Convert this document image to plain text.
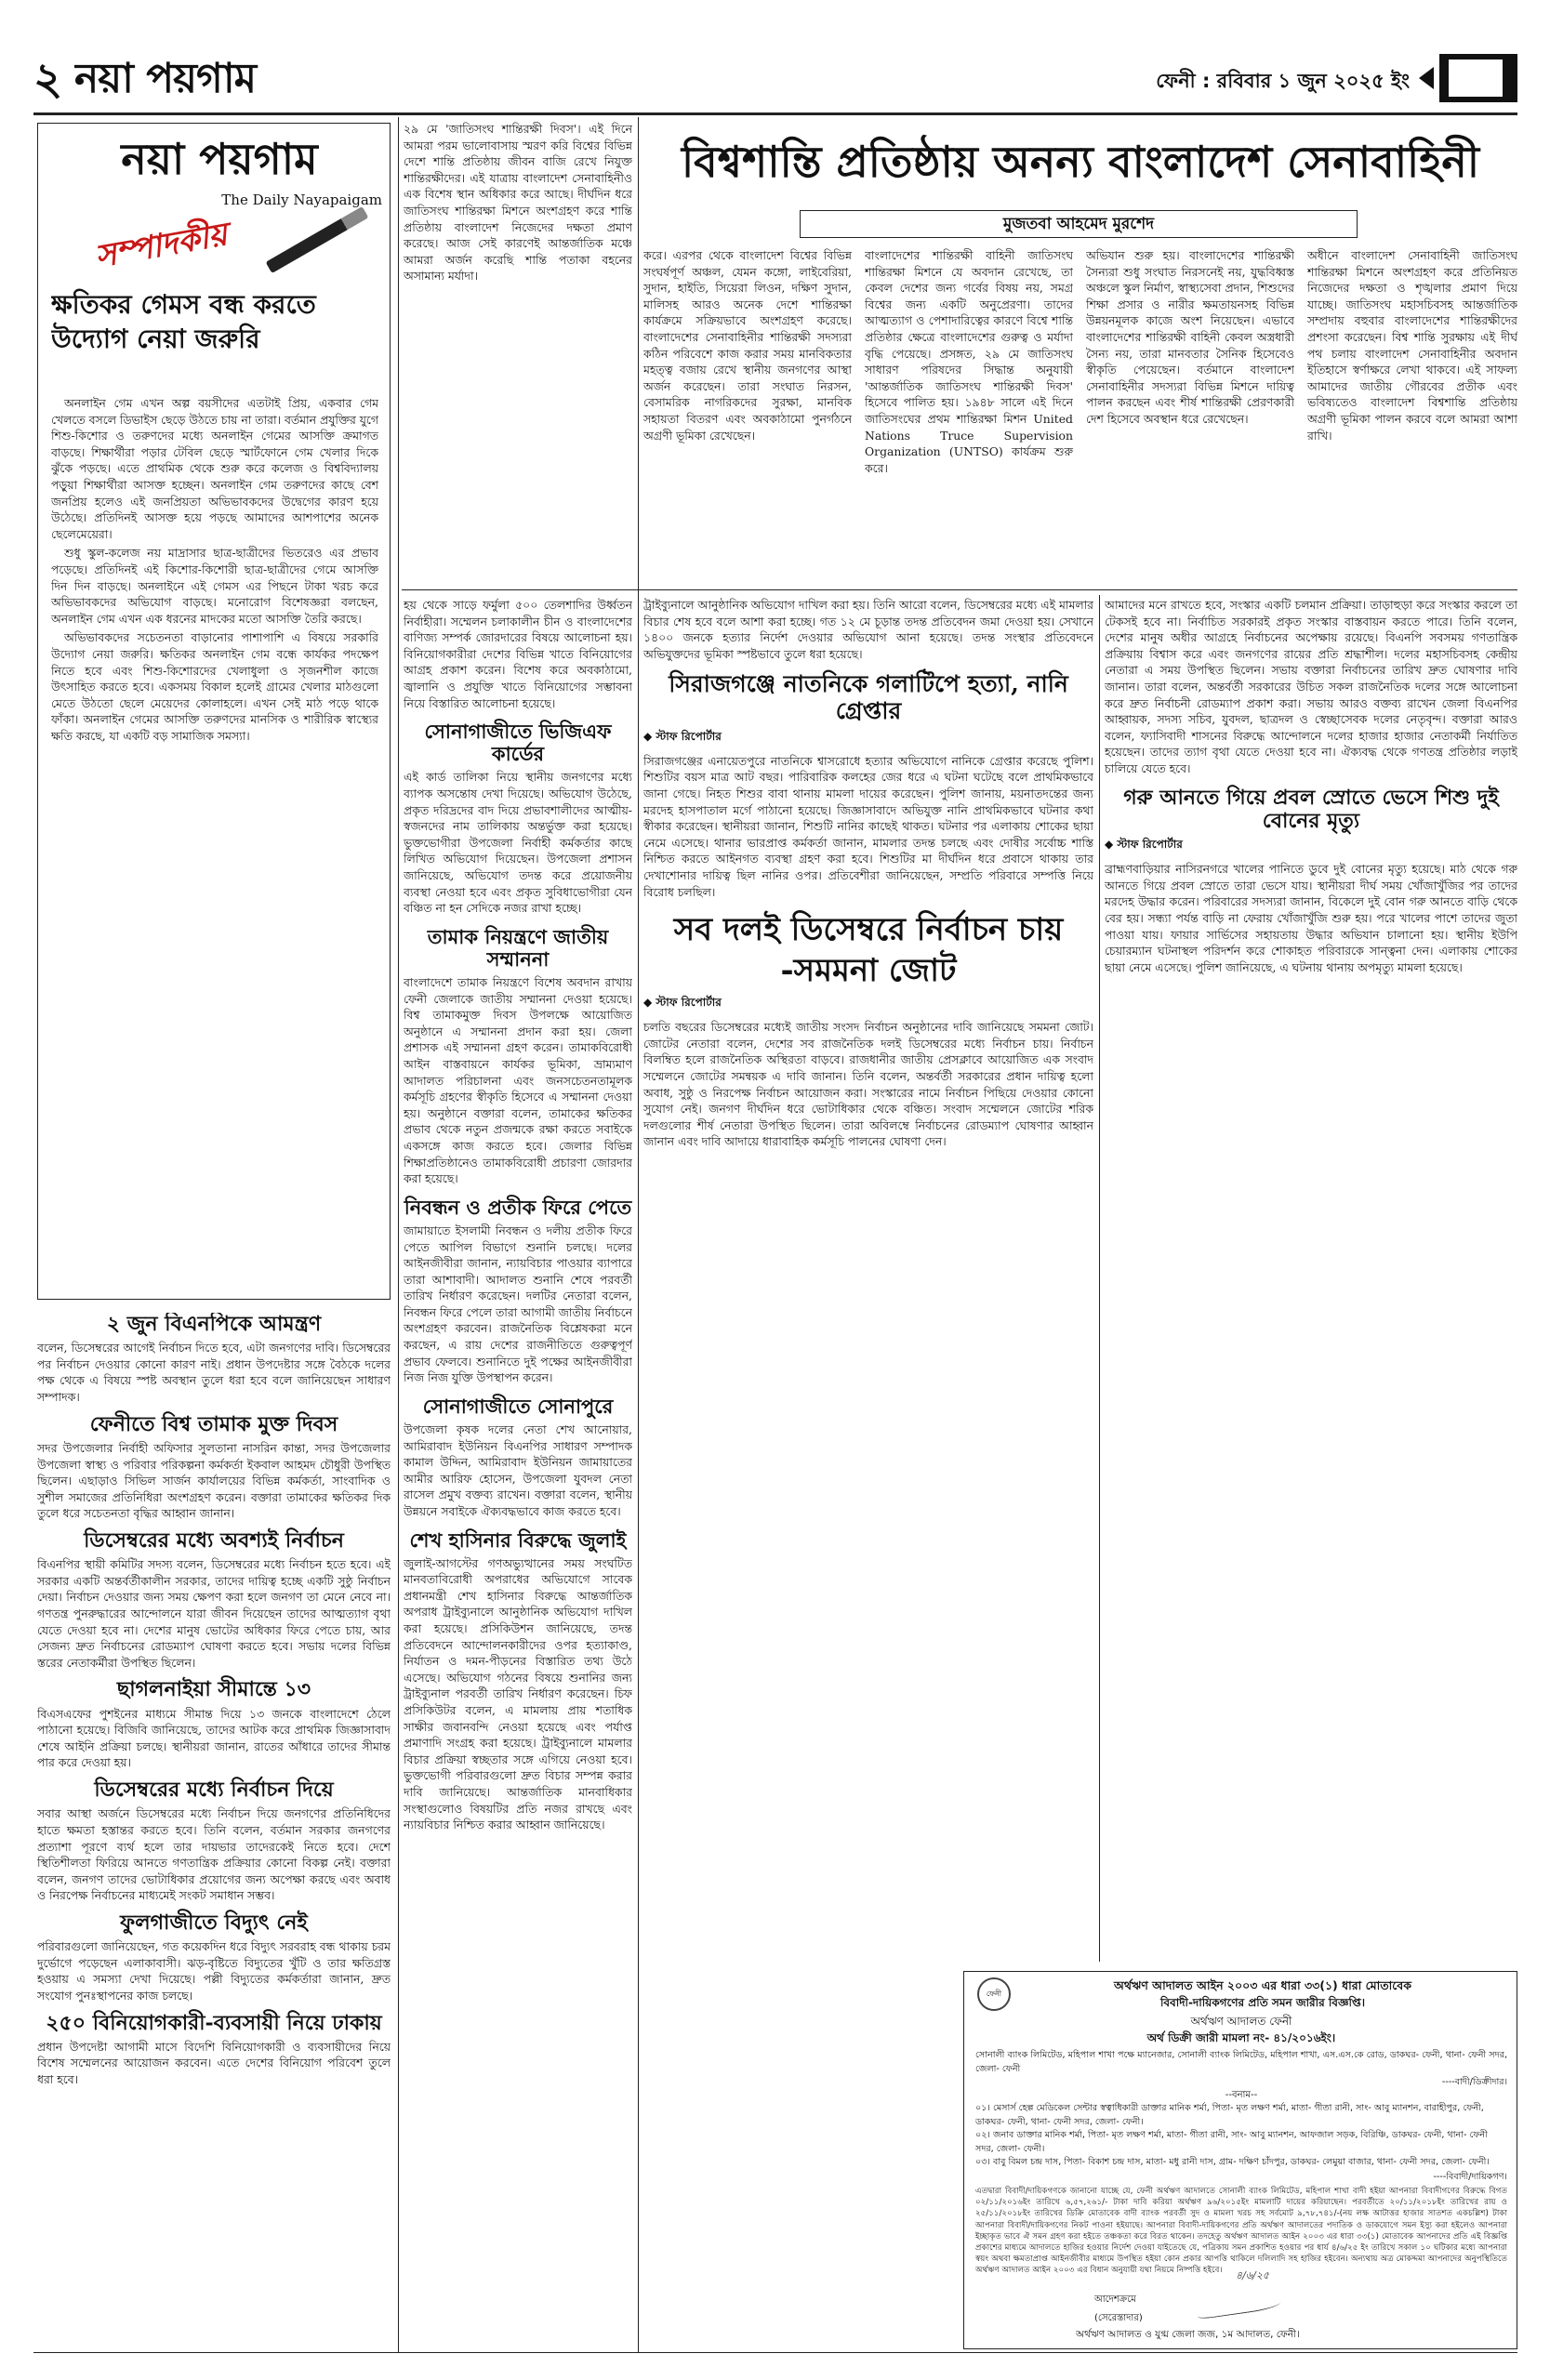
২ নয়া পয়গাম	ফেনী : রবিবার ১ জুন ২০২৫ ইং
নয়া পয়গাম
The Daily Nayapaigam
সম্পাদকীয়
ক্ষতিকর গেমস বন্ধ করতে উদ্যোগ নেয়া জরুরি

অনলাইন গেম এখন অল্প বয়সীদের এতটাই প্রিয়, একবার গেম খেলতে বসলে ডিভাইস ছেড়ে উঠতে চায় না তারা। বর্তমান প্রযুক্তির যুগে শিশু-কিশোর ও তরুণদের মধ্যে অনলাইন গেমের আসক্তি ক্রমাগত বাড়ছে। শিক্ষার্থীরা পড়ার টেবিল ছেড়ে স্মার্টফোনে গেম খেলার দিকে ঝুঁকে পড়ছে। এতে প্রাথমিক থেকে শুরু করে কলেজ ও বিশ্ববিদ্যালয় পড়ুয়া শিক্ষার্থীরা আসক্ত হচ্ছেন। অনলাইন গেম তরুণদের কাছে বেশ জনপ্রিয় হলেও এই জনপ্রিয়তা অভিভাবকদের উদ্বেগের কারণ হয়ে উঠেছে। প্রতিদিনই আসক্ত হয়ে পড়ছে আমাদের আশপাশের অনেক ছেলেমেয়েরা।

শুধু স্কুল-কলেজ নয় মাদ্রাসার ছাত্র-ছাত্রীদের ভিতরেও এর প্রভাব পড়েছে। প্রতিদিনই এই কিশোর-কিশোরী ছাত্র-ছাত্রীদের গেমে আসক্তি দিন দিন বাড়ছে। অনলাইনে এই গেমস এর পিছনে টাকা খরচ করে অভিভাবকদের অভিযোগ বাড়ছে। মনোরোগ বিশেষজ্ঞরা বলছেন, অনলাইন গেম এখন এক ধরনের মাদকের মতো আসক্তি তৈরি করছে।

অভিভাবকদের সচেতনতা বাড়ানোর পাশাপাশি এ বিষয়ে সরকারি উদ্যোগ নেয়া জরুরি। ক্ষতিকর অনলাইন গেম বন্ধে কার্যকর পদক্ষেপ নিতে হবে এবং শিশু-কিশোরদের খেলাধুলা ও সৃজনশীল কাজে উৎসাহিত করতে হবে। একসময় বিকাল হলেই গ্রামের খেলার মাঠগুলো মেতে উঠতো ছেলে মেয়েদের কোলাহলে। এখন সেই মাঠ পড়ে থাকে ফাঁকা। অনলাইন গেমের আসক্তি তরুণদের মানসিক ও শারীরিক স্বাস্থ্যের ক্ষতি করছে, যা একটি বড় সামাজিক সমস্যা।

২ জুন বিএনপিকে আমন্ত্রণ
বলেন, ডিসেম্বরের আগেই নির্বাচন দিতে হবে, এটা জনগণের দাবি। ডিসেম্বরের পর নির্বাচন দেওয়ার কোনো কারণ নাই। প্রধান উপদেষ্টার সঙ্গে বৈঠকে দলের পক্ষ থেকে এ বিষয়ে স্পষ্ট অবস্থান তুলে ধরা হবে বলে জানিয়েছেন সাধারণ সম্পাদক।
ফেনীতে বিশ্ব তামাক মুক্ত দিবস
সদর উপজেলার নির্বাহী অফিসার সুলতানা নাসরিন কান্তা, সদর উপজেলার উপজেলা স্বাস্থ্য ও পরিবার পরিকল্পনা কর্মকর্তা ইকবাল আহমদ চৌধুরী উপস্থিত ছিলেন। এছাড়াও সিভিল সার্জন কার্যালয়ের বিভিন্ন কর্মকর্তা, সাংবাদিক ও সুশীল সমাজের প্রতিনিধিরা অংশগ্রহণ করেন। বক্তারা তামাকের ক্ষতিকর দিক তুলে ধরে সচেতনতা বৃদ্ধির আহ্বান জানান।
ডিসেম্বরের মধ্যে অবশ্যই নির্বাচন
বিএনপির স্থায়ী কমিটির সদস্য বলেন, ডিসেম্বরের মধ্যে নির্বাচন হতে হবে। এই সরকার একটি অন্তর্বর্তীকালীন সরকার, তাদের দায়িত্ব হচ্ছে একটি সুষ্ঠু নির্বাচন দেয়া। নির্বাচন দেওয়ার জন্য সময় ক্ষেপণ করা হলে জনগণ তা মেনে নেবে না। গণতন্ত্র পুনরুদ্ধারের আন্দোলনে যারা জীবন দিয়েছেন তাদের আত্মত্যাগ বৃথা যেতে দেওয়া হবে না। দেশের মানুষ ভোটের অধিকার ফিরে পেতে চায়, আর সেজন্য দ্রুত নির্বাচনের রোডম্যাপ ঘোষণা করতে হবে। সভায় দলের বিভিন্ন স্তরের নেতাকর্মীরা উপস্থিত ছিলেন।
ছাগলনাইয়া সীমান্তে ১৩
বিএসএফের পুশইনের মাধ্যমে সীমান্ত দিয়ে ১৩ জনকে বাংলাদেশে ঠেলে পাঠানো হয়েছে। বিজিবি জানিয়েছে, তাদের আটক করে প্রাথমিক জিজ্ঞাসাবাদ শেষে আইনি প্রক্রিয়া চলছে। স্থানীয়রা জানান, রাতের আঁধারে তাদের সীমান্ত পার করে দেওয়া হয়।
ডিসেম্বরের মধ্যে নির্বাচন দিয়ে
সবার আস্থা অর্জনে ডিসেম্বরের মধ্যে নির্বাচন দিয়ে জনগণের প্রতিনিধিদের হাতে ক্ষমতা হস্তান্তর করতে হবে। তিনি বলেন, বর্তমান সরকার জনগণের প্রত্যাশা পূরণে ব্যর্থ হলে তার দায়ভার তাদেরকেই নিতে হবে। দেশে স্থিতিশীলতা ফিরিয়ে আনতে গণতান্ত্রিক প্রক্রিয়ার কোনো বিকল্প নেই। বক্তারা বলেন, জনগণ তাদের ভোটাধিকার প্রয়োগের জন্য অপেক্ষা করছে এবং অবাধ ও নিরপেক্ষ নির্বাচনের মাধ্যমেই সংকট সমাধান সম্ভব।
ফুলগাজীতে বিদ্যুৎ নেই
পরিবারগুলো জানিয়েছেন, গত কয়েকদিন ধরে বিদ্যুৎ সরবরাহ বন্ধ থাকায় চরম দুর্ভোগে পড়েছেন এলাকাবাসী। ঝড়-বৃষ্টিতে বিদ্যুতের খুঁটি ও তার ক্ষতিগ্রস্ত হওয়ায় এ সমস্যা দেখা দিয়েছে। পল্লী বিদ্যুতের কর্মকর্তারা জানান, দ্রুত সংযোগ পুনঃস্থাপনের কাজ চলছে।
২৫০ বিনিয়োগকারী-ব্যবসায়ী নিয়ে ঢাকায়
প্রধান উপদেষ্টা আগামী মাসে বিদেশি বিনিয়োগকারী ও ব্যবসায়ীদের নিয়ে বিশেষ সম্মেলনের আয়োজন করবেন। এতে দেশের বিনিয়োগ পরিবেশ তুলে ধরা হবে।
২৯ মে 'জাতিসংঘ শান্তিরক্ষী দিবস'। এই দিনে আমরা পরম ভালোবাসায় স্মরণ করি বিশ্বের বিভিন্ন দেশে শান্তি প্রতিষ্ঠায় জীবন বাজি রেখে নিযুক্ত শান্তিরক্ষীদের। এই যাত্রায় বাংলাদেশ সেনাবাহিনীও এক বিশেষ স্থান অধিকার করে আছে। দীর্ঘদিন ধরে জাতিসংঘ শান্তিরক্ষা মিশনে অংশগ্রহণ করে শান্তি প্রতিষ্ঠায় বাংলাদেশ নিজেদের দক্ষতা প্রমাণ করেছে। আজ সেই কারণেই আন্তর্জাতিক মঞ্চে আমরা অর্জন করেছি শান্তি পতাকা বহনের অসামান্য মর্যাদা।
বিশ্বশান্তি প্রতিষ্ঠায় অনন্য বাংলাদেশ সেনাবাহিনী
মুজতবা আহমেদ মুরশেদ
করে। এরপর থেকে বাংলাদেশ বিশ্বের বিভিন্ন সংঘর্ষপূর্ণ অঞ্চল, যেমন কঙ্গো, লাইবেরিয়া, সুদান, হাইতি, সিয়েরা লিওন, দক্ষিণ সুদান, মালিসহ আরও অনেক দেশে শান্তিরক্ষা কার্যক্রমে সক্রিয়ভাবে অংশগ্রহণ করেছে। বাংলাদেশের সেনাবাহিনীর শান্তিরক্ষী সদস্যরা কঠিন পরিবেশে কাজ করার সময় মানবিকতার মহত্ত্ব বজায় রেখে স্থানীয় জনগণের আস্থা অর্জন করেছেন। তারা সংঘাত নিরসন, বেসামরিক নাগরিকদের সুরক্ষা, মানবিক সহায়তা বিতরণ এবং অবকাঠামো পুনর্গঠনে অগ্রণী ভূমিকা রেখেছেন।
বাংলাদেশের শান্তিরক্ষী বাহিনী জাতিসংঘ শান্তিরক্ষা মিশনে যে অবদান রেখেছে, তা কেবল দেশের জন্য গর্বের বিষয় নয়, সমগ্র বিশ্বের জন্য একটি অনুপ্রেরণা। তাদের আত্মত্যাগ ও পেশাদারিত্বের কারণে বিশ্বে শান্তি প্রতিষ্ঠার ক্ষেত্রে বাংলাদেশের গুরুত্ব ও মর্যাদা বৃদ্ধি পেয়েছে। প্রসঙ্গত, ২৯ মে জাতিসংঘ সাধারণ পরিষদের সিদ্ধান্ত অনুযায়ী 'আন্তর্জাতিক জাতিসংঘ শান্তিরক্ষী দিবস' হিসেবে পালিত হয়। ১৯৪৮ সালে এই দিনে জাতিসংঘের প্রথম শান্তিরক্ষা মিশন United Nations Truce Supervision Organization (UNTSO) কার্যক্রম শুরু করে।
অভিযান শুরু হয়। বাংলাদেশের শান্তিরক্ষী সৈন্যরা শুধু সংঘাত নিরসনেই নয়, যুদ্ধবিধ্বস্ত অঞ্চলে স্কুল নির্মাণ, স্বাস্থ্যসেবা প্রদান, শিশুদের শিক্ষা প্রসার ও নারীর ক্ষমতায়নসহ বিভিন্ন উন্নয়নমূলক কাজে অংশ নিয়েছেন। এভাবে বাংলাদেশের শান্তিরক্ষী বাহিনী কেবল অস্ত্রধারী সৈন্য নয়, তারা মানবতার সৈনিক হিসেবেও স্বীকৃতি পেয়েছেন। বর্তমানে বাংলাদেশ সেনাবাহিনীর সদস্যরা বিভিন্ন মিশনে দায়িত্ব পালন করছেন এবং শীর্ষ শান্তিরক্ষী প্রেরণকারী দেশ হিসেবে অবস্থান ধরে রেখেছেন।
অধীনে বাংলাদেশ সেনাবাহিনী জাতিসংঘ শান্তিরক্ষা মিশনে অংশগ্রহণ করে প্রতিনিয়ত নিজেদের দক্ষতা ও শৃঙ্খলার প্রমাণ দিয়ে যাচ্ছে। জাতিসংঘ মহাসচিবসহ আন্তর্জাতিক সম্প্রদায় বহুবার বাংলাদেশের শান্তিরক্ষীদের প্রশংসা করেছেন। বিশ্ব শান্তি সুরক্ষায় এই দীর্ঘ পথ চলায় বাংলাদেশ সেনাবাহিনীর অবদান ইতিহাসে স্বর্ণাক্ষরে লেখা থাকবে। এই সাফল্য আমাদের জাতীয় গৌরবের প্রতীক এবং ভবিষ্যতেও বাংলাদেশ বিশ্বশান্তি প্রতিষ্ঠায় অগ্রণী ভূমিকা পালন করবে বলে আমরা আশা রাখি।
হয় থেকে সাড়ে ফর্মুলা ৫০০ তেলশাদির উর্ধ্বতন নির্বাহীরা। সম্মেলন চলাকালীন চীন ও বাংলাদেশের বাণিজ্য সম্পর্ক জোরদারের বিষয়ে আলোচনা হয়। বিনিয়োগকারীরা দেশের বিভিন্ন খাতে বিনিয়োগের আগ্রহ প্রকাশ করেন। বিশেষ করে অবকাঠামো, জ্বালানি ও প্রযুক্তি খাতে বিনিয়োগের সম্ভাবনা নিয়ে বিস্তারিত আলোচনা হয়েছে।
সোনাগাজীতে ভিজিএফ কার্ডের
এই কার্ড তালিকা নিয়ে স্থানীয় জনগণের মধ্যে ব্যাপক অসন্তোষ দেখা দিয়েছে। অভিযোগ উঠেছে, প্রকৃত দরিদ্রদের বাদ দিয়ে প্রভাবশালীদের আত্মীয়-স্বজনদের নাম তালিকায় অন্তর্ভুক্ত করা হয়েছে। ভুক্তভোগীরা উপজেলা নির্বাহী কর্মকর্তার কাছে লিখিত অভিযোগ দিয়েছেন। উপজেলা প্রশাসন জানিয়েছে, অভিযোগ তদন্ত করে প্রয়োজনীয় ব্যবস্থা নেওয়া হবে এবং প্রকৃত সুবিধাভোগীরা যেন বঞ্চিত না হন সেদিকে নজর রাখা হচ্ছে।
তামাক নিয়ন্ত্রণে জাতীয় সম্মাননা
বাংলাদেশে তামাক নিয়ন্ত্রণে বিশেষ অবদান রাখায় ফেনী জেলাকে জাতীয় সম্মাননা দেওয়া হয়েছে। বিশ্ব তামাকমুক্ত দিবস উপলক্ষে আয়োজিত অনুষ্ঠানে এ সম্মাননা প্রদান করা হয়। জেলা প্রশাসক এই সম্মাননা গ্রহণ করেন। তামাকবিরোধী আইন বাস্তবায়নে কার্যকর ভূমিকা, ভ্রাম্যমাণ আদালত পরিচালনা এবং জনসচেতনতামূলক কর্মসূচি গ্রহণের স্বীকৃতি হিসেবে এ সম্মাননা দেওয়া হয়। অনুষ্ঠানে বক্তারা বলেন, তামাকের ক্ষতিকর প্রভাব থেকে নতুন প্রজন্মকে রক্ষা করতে সবাইকে একসঙ্গে কাজ করতে হবে। জেলার বিভিন্ন শিক্ষাপ্রতিষ্ঠানেও তামাকবিরোধী প্রচারণা জোরদার করা হয়েছে।
নিবন্ধন ও প্রতীক ফিরে পেতে
জামায়াতে ইসলামী নিবন্ধন ও দলীয় প্রতীক ফিরে পেতে আপিল বিভাগে শুনানি চলছে। দলের আইনজীবীরা জানান, ন্যায়বিচার পাওয়ার ব্যাপারে তারা আশাবাদী। আদালত শুনানি শেষে পরবর্তী তারিখ নির্ধারণ করেছেন। দলটির নেতারা বলেন, নিবন্ধন ফিরে পেলে তারা আগামী জাতীয় নির্বাচনে অংশগ্রহণ করবেন। রাজনৈতিক বিশ্লেষকরা মনে করছেন, এ রায় দেশের রাজনীতিতে গুরুত্বপূর্ণ প্রভাব ফেলবে। শুনানিতে দুই পক্ষের আইনজীবীরা নিজ নিজ যুক্তি উপস্থাপন করেন।
সোনাগাজীতে সোনাপুরে
উপজেলা কৃষক দলের নেতা শেখ আনোয়ার, আমিরাবাদ ইউনিয়ন বিএনপির সাধারণ সম্পাদক কামাল উদ্দিন, আমিরাবাদ ইউনিয়ন জামায়াতের আমীর আরিফ হোসেন, উপজেলা যুবদল নেতা রাসেল প্রমুখ বক্তব্য রাখেন। বক্তারা বলেন, স্থানীয় উন্নয়নে সবাইকে ঐক্যবদ্ধভাবে কাজ করতে হবে।
শেখ হাসিনার বিরুদ্ধে জুলাই
জুলাই-আগস্টের গণঅভ্যুত্থানের সময় সংঘটিত মানবতাবিরোধী অপরাধের অভিযোগে সাবেক প্রধানমন্ত্রী শেখ হাসিনার বিরুদ্ধে আন্তর্জাতিক অপরাধ ট্রাইব্যুনালে আনুষ্ঠানিক অভিযোগ দাখিল করা হয়েছে। প্রসিকিউশন জানিয়েছে, তদন্ত প্রতিবেদনে আন্দোলনকারীদের ওপর হত্যাকাণ্ড, নির্যাতন ও দমন-পীড়নের বিস্তারিত তথ্য উঠে এসেছে। অভিযোগ গঠনের বিষয়ে শুনানির জন্য ট্রাইব্যুনাল পরবর্তী তারিখ নির্ধারণ করেছেন। চিফ প্রসিকিউটর বলেন, এ মামলায় প্রায় শতাধিক সাক্ষীর জবানবন্দি নেওয়া হয়েছে এবং পর্যাপ্ত প্রমাণাদি সংগ্রহ করা হয়েছে। ট্রাইব্যুনালে মামলার বিচার প্রক্রিয়া স্বচ্ছতার সঙ্গে এগিয়ে নেওয়া হবে। ভুক্তভোগী পরিবারগুলো দ্রুত বিচার সম্পন্ন করার দাবি জানিয়েছে। আন্তর্জাতিক মানবাধিকার সংস্থাগুলোও বিষয়টির প্রতি নজর রাখছে এবং ন্যায়বিচার নিশ্চিত করার আহ্বান জানিয়েছে।
ট্রাইব্যুনালে আনুষ্ঠানিক অভিযোগ দাখিল করা হয়। তিনি আরো বলেন, ডিসেম্বরের মধ্যে এই মামলার বিচার শেষ হবে বলে আশা করা হচ্ছে। গত ১২ মে চূড়ান্ত তদন্ত প্রতিবেদন জমা দেওয়া হয়। সেখানে ১৪০০ জনকে হত্যার নির্দেশ দেওয়ার অভিযোগ আনা হয়েছে। তদন্ত সংস্থার প্রতিবেদনে অভিযুক্তদের ভূমিকা স্পষ্টভাবে তুলে ধরা হয়েছে।
সিরাজগঞ্জে নাতনিকে গলাটিপে হত্যা, নানি গ্রেপ্তার
◆ স্টাফ রিপোর্টার
সিরাজগঞ্জের এনায়েতপুরে নাতনিকে শ্বাসরোধে হত্যার অভিযোগে নানিকে গ্রেপ্তার করেছে পুলিশ। শিশুটির বয়স মাত্র আট বছর। পারিবারিক কলহের জের ধরে এ ঘটনা ঘটেছে বলে প্রাথমিকভাবে জানা গেছে। নিহত শিশুর বাবা থানায় মামলা দায়ের করেছেন। পুলিশ জানায়, ময়নাতদন্তের জন্য মরদেহ হাসপাতাল মর্গে পাঠানো হয়েছে। জিজ্ঞাসাবাদে অভিযুক্ত নানি প্রাথমিকভাবে ঘটনার কথা স্বীকার করেছেন। স্থানীয়রা জানান, শিশুটি নানির কাছেই থাকত। ঘটনার পর এলাকায় শোকের ছায়া নেমে এসেছে। থানার ভারপ্রাপ্ত কর্মকর্তা জানান, মামলার তদন্ত চলছে এবং দোষীর সর্বোচ্চ শাস্তি নিশ্চিত করতে আইনগত ব্যবস্থা গ্রহণ করা হবে। শিশুটির মা দীর্ঘদিন ধরে প্রবাসে থাকায় তার দেখাশোনার দায়িত্ব ছিল নানির ওপর। প্রতিবেশীরা জানিয়েছেন, সম্প্রতি পরিবারে সম্পত্তি নিয়ে বিরোধ চলছিল।
সব দলই ডিসেম্বরে নির্বাচন চায় -সমমনা জোট
◆ স্টাফ রিপোর্টার
চলতি বছরের ডিসেম্বরের মধ্যেই জাতীয় সংসদ নির্বাচন অনুষ্ঠানের দাবি জানিয়েছে সমমনা জোট। জোটের নেতারা বলেন, দেশের সব রাজনৈতিক দলই ডিসেম্বরের মধ্যে নির্বাচন চায়। নির্বাচন বিলম্বিত হলে রাজনৈতিক অস্থিরতা বাড়বে। রাজধানীর জাতীয় প্রেসক্লাবে আয়োজিত এক সংবাদ সম্মেলনে জোটের সমন্বয়ক এ দাবি জানান। তিনি বলেন, অন্তর্বর্তী সরকারের প্রধান দায়িত্ব হলো অবাধ, সুষ্ঠু ও নিরপেক্ষ নির্বাচন আয়োজন করা। সংস্কারের নামে নির্বাচন পিছিয়ে দেওয়ার কোনো সুযোগ নেই। জনগণ দীর্ঘদিন ধরে ভোটাধিকার থেকে বঞ্চিত। সংবাদ সম্মেলনে জোটের শরিক দলগুলোর শীর্ষ নেতারা উপস্থিত ছিলেন। তারা অবিলম্বে নির্বাচনের রোডম্যাপ ঘোষণার আহ্বান জানান এবং দাবি আদায়ে ধারাবাহিক কর্মসূচি পালনের ঘোষণা দেন।
আমাদের মনে রাখতে হবে, সংস্কার একটি চলমান প্রক্রিয়া। তাড়াহুড়া করে সংস্কার করলে তা টেকসই হবে না। নির্বাচিত সরকারই প্রকৃত সংস্কার বাস্তবায়ন করতে পারে। তিনি বলেন, দেশের মানুষ অধীর আগ্রহে নির্বাচনের অপেক্ষায় রয়েছে। বিএনপি সবসময় গণতান্ত্রিক প্রক্রিয়ায় বিশ্বাস করে এবং জনগণের রায়ের প্রতি শ্রদ্ধাশীল। দলের মহাসচিবসহ কেন্দ্রীয় নেতারা এ সময় উপস্থিত ছিলেন। সভায় বক্তারা নির্বাচনের তারিখ দ্রুত ঘোষণার দাবি জানান। তারা বলেন, অন্তর্বর্তী সরকারের উচিত সকল রাজনৈতিক দলের সঙ্গে আলোচনা করে দ্রুত নির্বাচনী রোডম্যাপ প্রকাশ করা। সভায় আরও বক্তব্য রাখেন জেলা বিএনপির আহ্বায়ক, সদস্য সচিব, যুবদল, ছাত্রদল ও স্বেচ্ছাসেবক দলের নেতৃবৃন্দ। বক্তারা আরও বলেন, ফ্যাসিবাদী শাসনের বিরুদ্ধে আন্দোলনে দলের হাজার হাজার নেতাকর্মী নির্যাতিত হয়েছেন। তাদের ত্যাগ বৃথা যেতে দেওয়া হবে না। ঐক্যবদ্ধ থেকে গণতন্ত্র প্রতিষ্ঠার লড়াই চালিয়ে যেতে হবে।
গরু আনতে গিয়ে প্রবল স্রোতে ভেসে শিশু দুই বোনের মৃত্যু
◆ স্টাফ রিপোর্টার
ব্রাহ্মণবাড়িয়ার নাসিরনগরে খালের পানিতে ডুবে দুই বোনের মৃত্যু হয়েছে। মাঠ থেকে গরু আনতে গিয়ে প্রবল স্রোতে তারা ভেসে যায়। স্থানীয়রা দীর্ঘ সময় খোঁজাখুঁজির পর তাদের মরদেহ উদ্ধার করেন। পরিবারের সদস্যরা জানান, বিকেলে দুই বোন গরু আনতে বাড়ি থেকে বের হয়। সন্ধ্যা পর্যন্ত বাড়ি না ফেরায় খোঁজাখুঁজি শুরু হয়। পরে খালের পাশে তাদের জুতা পাওয়া যায়। ফায়ার সার্ভিসের সহায়তায় উদ্ধার অভিযান চালানো হয়। স্থানীয় ইউপি চেয়ারম্যান ঘটনাস্থল পরিদর্শন করে শোকাহত পরিবারকে সান্ত্বনা দেন। এলাকায় শোকের ছায়া নেমে এসেছে। পুলিশ জানিয়েছে, এ ঘটনায় থানায় অপমৃত্যু মামলা হয়েছে।
ফেনী
অর্থঋণ আদালত আইন ২০০৩ এর ধারা ৩৩(১) ধারা মোতাবেক
বিবাদী-দায়িকগণের প্রতি সমন জারীর বিজ্ঞপ্তি।
অর্থঋণ আদালত ফেনী
অর্থ ডিক্রী জারী মামলা নং- ৪১/২০১৬ইং।
সোনালী ব্যাংক লিমিটেড, মহিপাল শাখা পক্ষে ম্যানেজার, সোনালী ব্যাংক লিমিটেড, মহিপাল শাখা, এস.এস.কে রোড, ডাকঘর- ফেনী, থানা- ফেনী সদর, জেলা- ফেনী
----বাদী/ডিক্রীদার।
--বনাম--
০১। মেসার্স হেল্প মেডিকেল সেন্টার স্বত্বাধিকারী ডাক্তার মানিক শর্মা, পিতা- মৃত লক্ষণ শর্মা, মাতা- গীতা রানী, সাং- আবু ম্যানশন, বারাহীপুর, ফেনী, ডাকঘর- ফেনী, থানা- ফেনী সদর, জেলা- ফেনী।
০২। জনাব ডাক্তার মানিক শর্মা, পিতা- মৃত লক্ষণ শর্মা, মাতা- গীতা রানী, সাং- আবু ম্যানশন, আফজাল সড়ক, বিরিঞ্চি, ডাকঘর- ফেনী, থানা- ফেনী সদর, জেলা- ফেনী।
০৩। বাবু বিমল চন্দ্র দাস, পিতা- বিকাশ চন্দ্র দাস, মাতা- মধু রানী দাস, গ্রাম- দক্ষিণ চাঁদপুর, ডাকঘর- লেমুয়া বাজার, থানা- ফেনী সদর, জেলা- ফেনী।
----বিবাদী/দায়িকগণ।
এতদ্বারা বিবাদী/দায়িকগণকে জানানো যাচ্ছে যে, ফেনী অর্থঋণ আদালতে সোনালী ব্যাংক লিমিটেড, মহিপাল শাখা বাদী হইয়া আপনারা বিবাদীগণের বিরুদ্ধে বিগত ০২/১১/২০১৬ইং তারিখে ৬,৫৭,২৬১/- টাকা দাবি করিয়া অর্থঋণ ৯৬/২০১৫ইং মামলাটি দায়ের করিয়াছেন। পরবর্তীতে ২০/১১/২০১৮ইং তারিখের রায় ও ২৫/১১/২০১৮ইং তারিখের ডিক্রি মোতাবেক বাদী ব্যাংক পরবর্তী সুদ ও মামলা খরচ সহ সর্বমোট ৯,৭৮,৭৪১/-(নয় লক্ষ আটাত্তর হাজার সাতশত একচল্লিশ) টাকা আপনারা বিবাদী/দায়িকগণের নিকট পাওনা হইয়াছে। আপনারা বিবাদী-দায়িকগণের প্রতি অর্থঋণ আদালতের পদাতিক ও ডাকযোগে সমন ইস্যু করা হইলেও আপনারা ইচ্ছাকৃত ভাবে ঐ সমন গ্রহণ করা হইতে তঞ্চকতা করে বিরত থাকেন। তদহেতু অর্থঋণ আদালত আইন ২০০৩ এর ধারা ৩৩(১) মোতাবেক আপনাদের প্রতি এই বিজ্ঞপ্তি প্রকাশের মাধ্যমে আদালতে হাজির হওয়ার নির্দেশ দেওয়া যাইতেছে যে, পত্রিকায় সমন প্রকাশিত হওয়ার পর ধার্য ৪/৬/২৫ ইং তারিখে সকাল ১০ ঘটিকার মধ্যে আপনারা স্বয়ং অথবা ক্ষমতাপ্রাপ্ত আইনজীবীর মাধ্যমে উপস্থিত হইয়া কোন প্রকার আপত্তি থাকিলে দলিলাদি সহ হাজির হইবেন। অন্যথায় অত্র মোকদ্দমা আপনাদের অনুপস্থিতিতে অর্থঋণ আদালত আইন ২০০৩ এর বিধান অনুযায়ী যথা নিয়মে নিষ্পত্তি হইবে।	৪/৬/২৫
আদেশক্রমে
(সেরেস্তাদার)
অর্থঋণ আদালত ও যুগ্ম জেলা জজ, ১ম আদালত, ফেনী।
